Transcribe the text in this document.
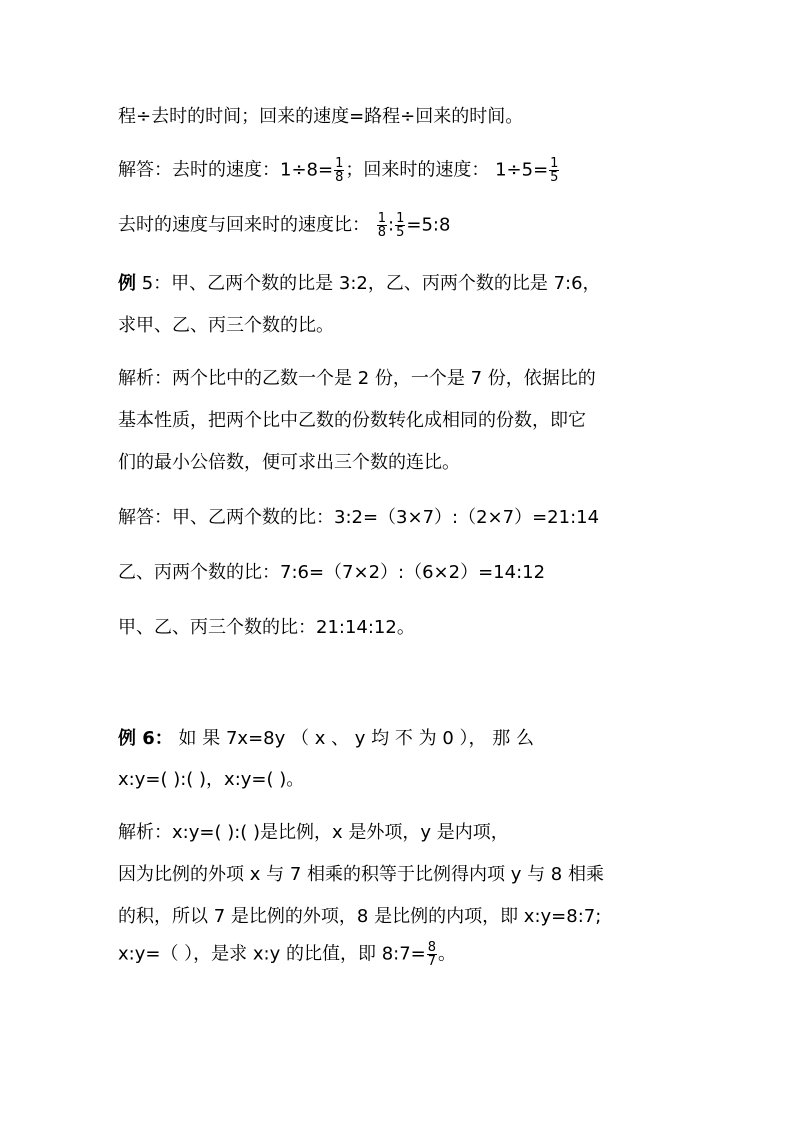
程÷去时的时间；回来的速度=路程÷回来的时间。
解答：去时的速度：$1\div 8= \frac{1}{8}$ ；回来时的速度： $1\div 5= \frac{1}{5}$
去时的速度与回来时的速度比： $\frac{1}{8}$ : $\frac{1}{5}$ =5:8
例 5：甲、乙两个数的比是 3:2，乙、丙两个数的比是 7:6，
求甲、乙、丙三个数的比。
解析：两个比中的乙数一个是 2 份，一个是 7 份，依据比的
基本性质，把两个比中乙数的份数转化成相同的份数，即它
们的最小公倍数，便可求出三个数的连比。
解答：甲、乙两个数的比：3:2=（3×7）:（2×7）=21:14
乙、丙两个数的比：7:6=（7×2）:（6×2）=14:12
甲、乙、丙三个数的比：21:14:12。
例 6： 如 果 7x=8y （ x 、 y 均 不 为 0 ）， 那 么
x:y=( ):( )，x:y=( )。
解析：x:y=( ):( )是比例，x 是外项，y 是内项，
因为比例的外项 x 与 7 相乘的积等于比例得内项 y 与 8 相乘
的积，所以 7 是比例的外项，8 是比例的内项，即 x:y=8:7;
x:y=（ ），是求 x:y 的比值，即 8:7= $\frac{8}{7}$ 。
